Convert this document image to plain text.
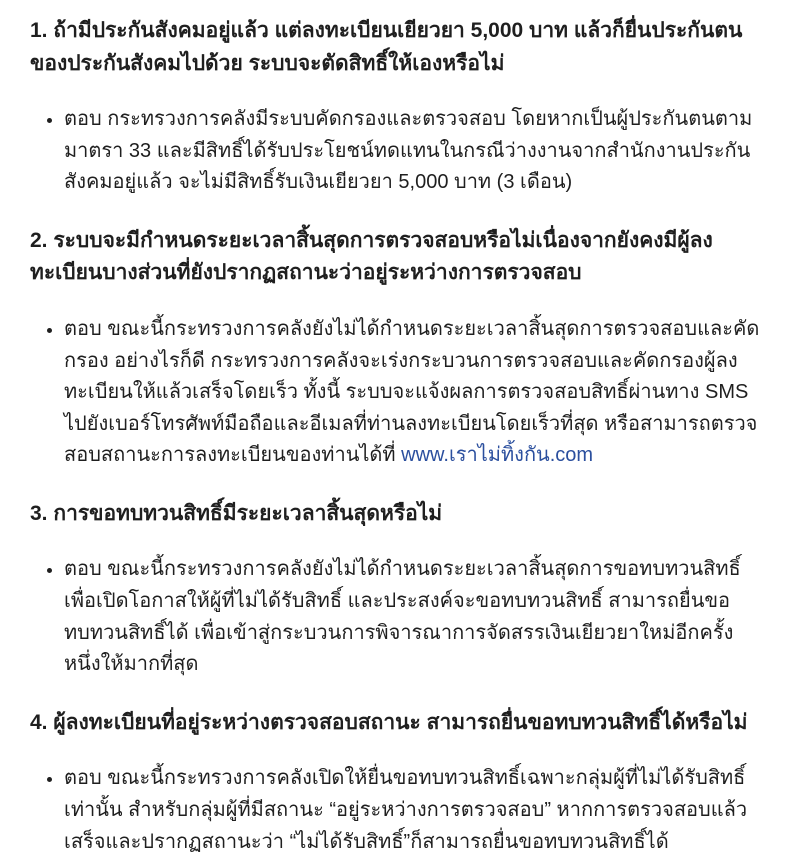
1. ถ้ามีประกันสังคมอยู่แล้ว แต่ลงทะเบียนเยียวยา 5,000 บาท แล้วก็ยื่นประกันตนของประกันสังคมไปด้วย ระบบจะตัดสิทธิ์ให้เองหรือไม่
• ตอบ กระทรวงการคลังมีระบบคัดกรองและตรวจสอบ โดยหากเป็นผู้ประกันตนตามมาตรา 33 และมีสิทธิ์ได้รับประโยชน์ทดแทนในกรณีว่างงานจากสำนักงานประกันสังคมอยู่แล้ว จะไม่มีสิทธิ์รับเงินเยียวยา 5,000 บาท (3 เดือน)
2. ระบบจะมีกำหนดระยะเวลาสิ้นสุดการตรวจสอบหรือไม่เนื่องจากยังคงมีผู้ลงทะเบียนบางส่วนที่ยังปรากฏสถานะว่าอยู่ระหว่างการตรวจสอบ
• ตอบ ขณะนี้กระทรวงการคลังยังไม่ได้กำหนดระยะเวลาสิ้นสุดการตรวจสอบและคัดกรอง อย่างไรก็ดี กระทรวงการคลังจะเร่งกระบวนการตรวจสอบและคัดกรองผู้ลงทะเบียนให้แล้วเสร็จโดยเร็ว ทั้งนี้ ระบบจะแจ้งผลการตรวจสอบสิทธิ์ผ่านทาง SMS ไปยังเบอร์โทรศัพท์มือถือและอีเมลที่ท่านลงทะเบียนโดยเร็วที่สุด หรือสามารถตรวจสอบสถานะการลงทะเบียนของท่านได้ที่ www.เราไม่ทิ้งกัน.com
3. การขอทบทวนสิทธิ์มีระยะเวลาสิ้นสุดหรือไม่
• ตอบ ขณะนี้กระทรวงการคลังยังไม่ได้กำหนดระยะเวลาสิ้นสุดการขอทบทวนสิทธิ์ เพื่อเปิดโอกาสให้ผู้ที่ไม่ได้รับสิทธิ์ และประสงค์จะขอทบทวนสิทธิ์ สามารถยื่นขอทบทวนสิทธิ์ได้ เพื่อเข้าสู่กระบวนการพิจารณาการจัดสรรเงินเยียวยาใหม่อีกครั้งหนึ่งให้มากที่สุด
4. ผู้ลงทะเบียนที่อยู่ระหว่างตรวจสอบสถานะ สามารถยื่นขอทบทวนสิทธิ์ได้หรือไม่
• ตอบ ขณะนี้กระทรวงการคลังเปิดให้ยื่นขอทบทวนสิทธิ์เฉพาะกลุ่มผู้ที่ไม่ได้รับสิทธิ์เท่านั้น สำหรับกลุ่มผู้ที่มีสถานะ “อยู่ระหว่างการตรวจสอบ” หากการตรวจสอบแล้วเสร็จและปรากฏสถานะว่า “ไม่ได้รับสิทธิ์”ก็สามารถยื่นขอทบทวนสิทธิ์ได้
